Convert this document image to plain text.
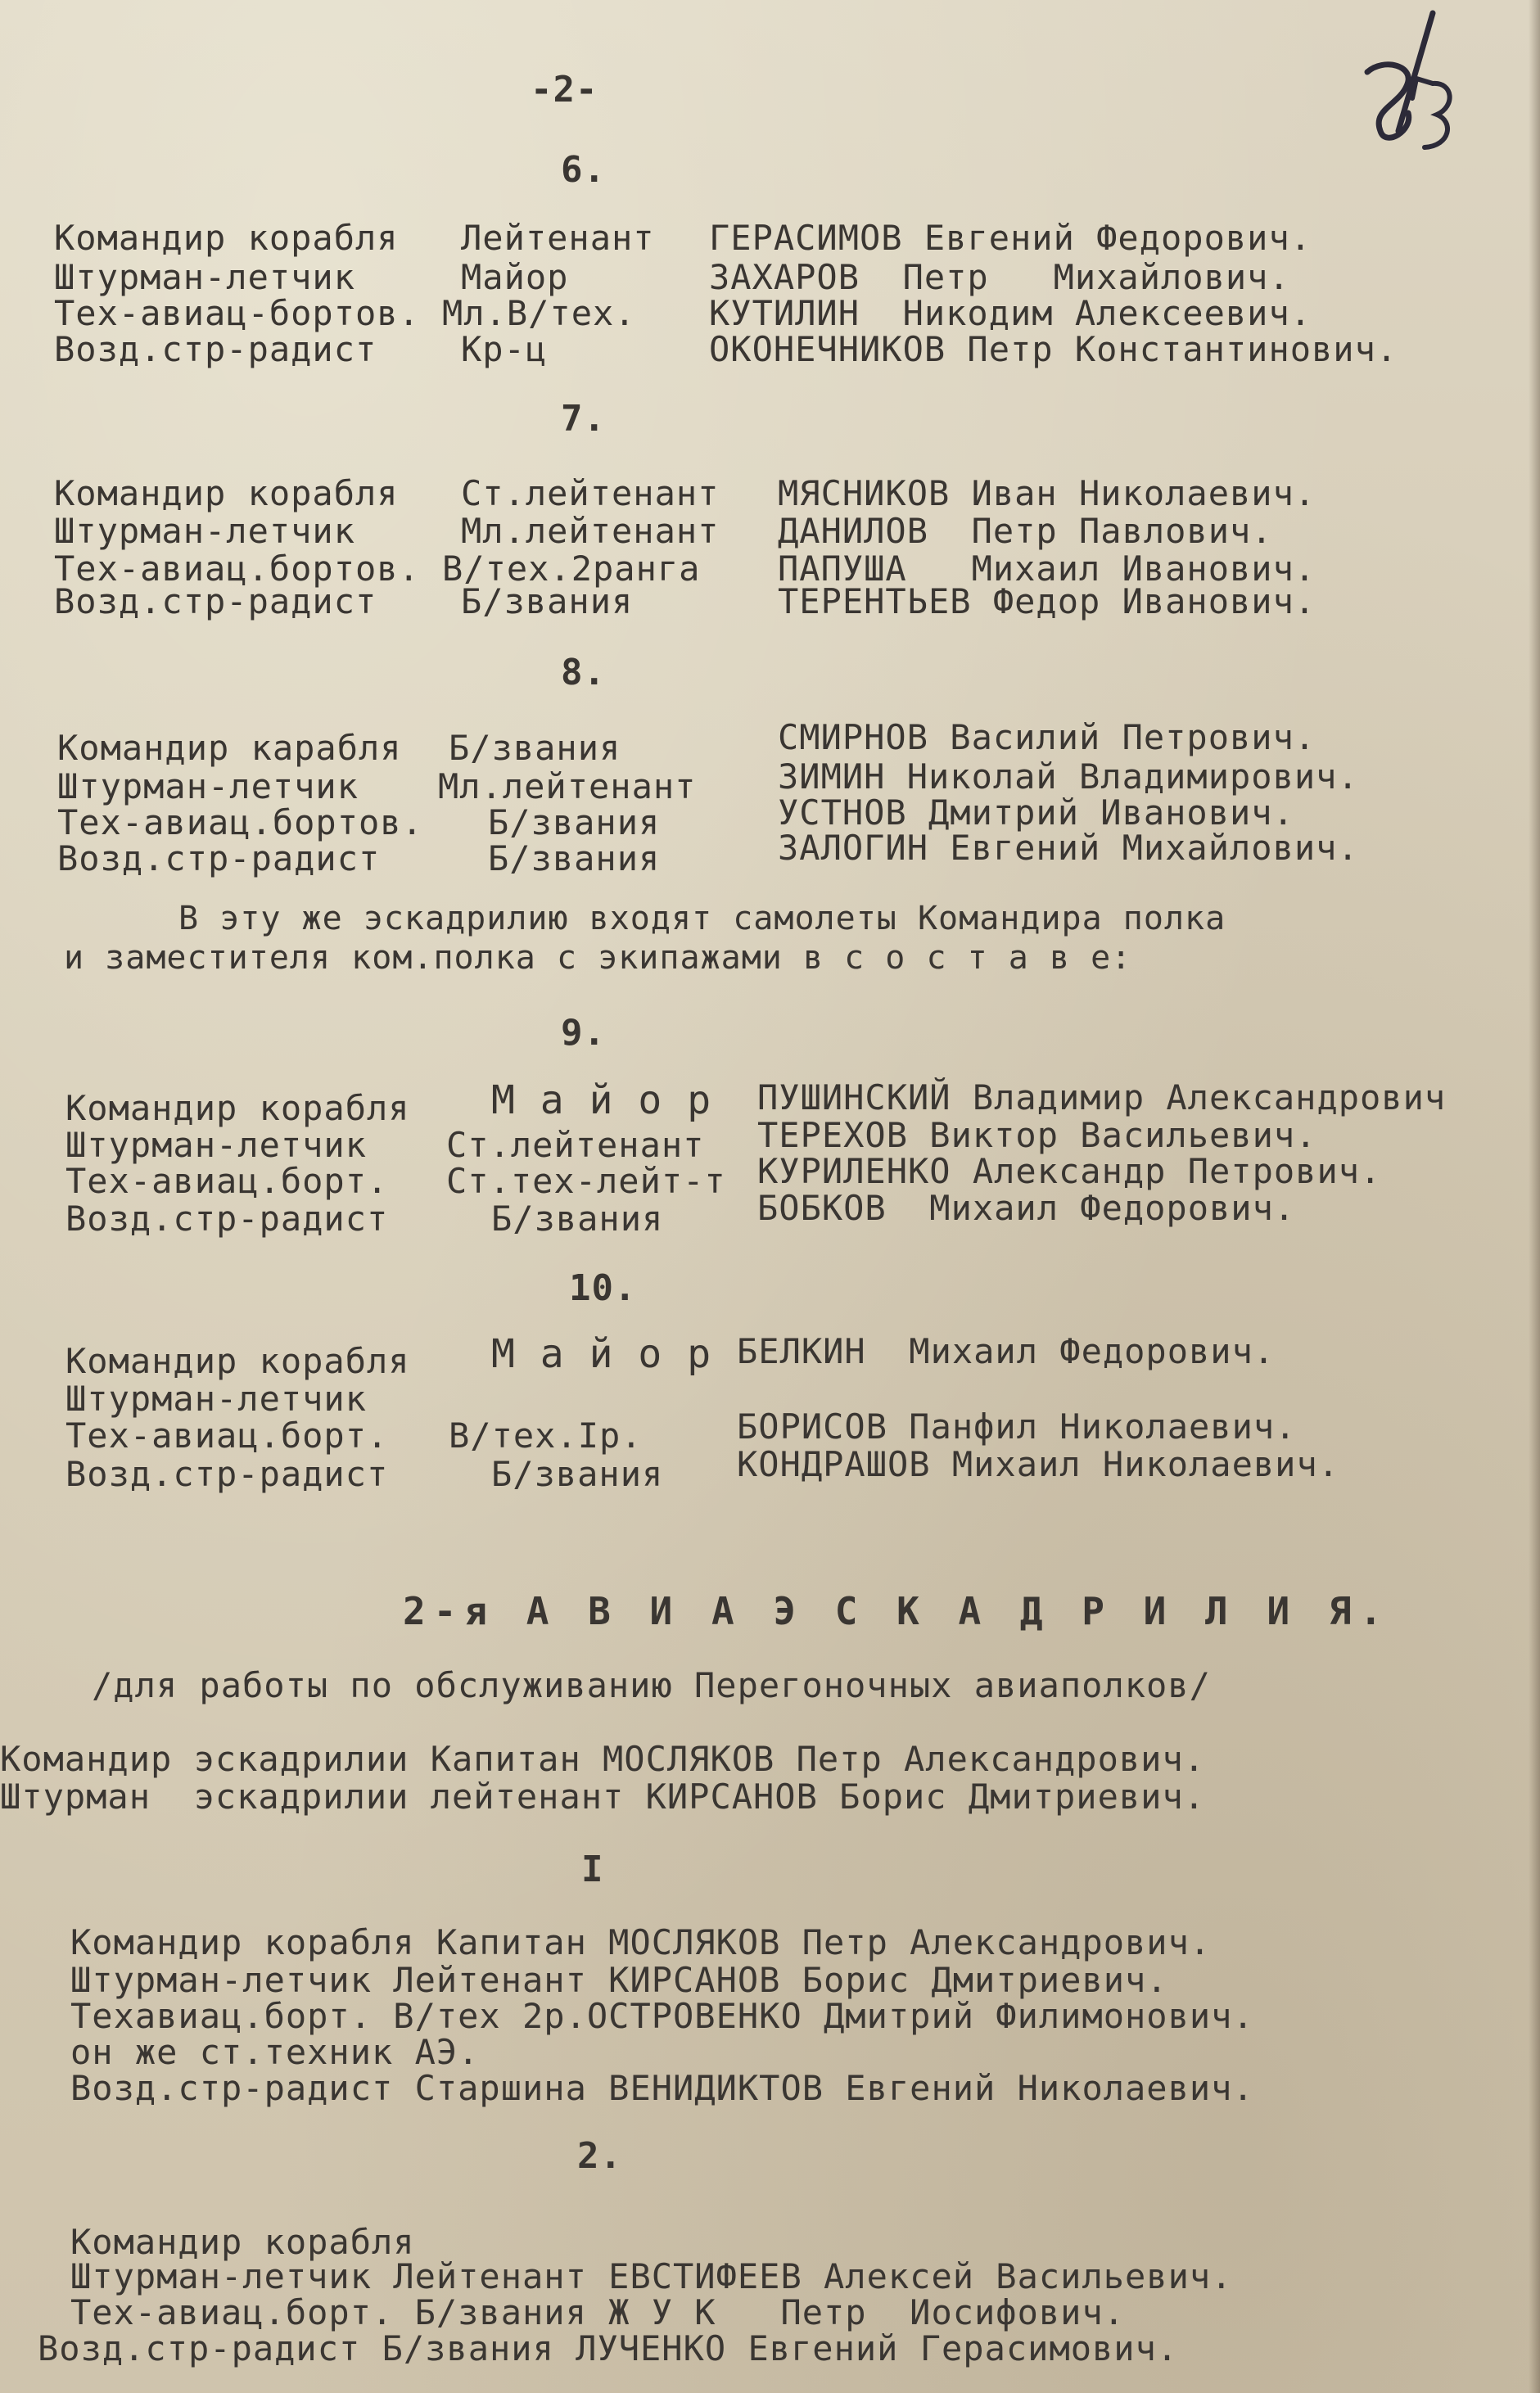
-2-
6.
Командир корабля Лейтенант ГЕРАСИМОВ Евгений Федорович.
Штурман-летчик	Майор	ЗАХАРОВ  Петр   Михайлович.
Тех-авиац-бортов. Мл.В/тех. КУТИЛИН  Никодим Алексеевич.
Возд.стр-радист Кр-ц	ОКОНЕЧНИКОВ Петр Константинович.
7.
Командир корабля Ст.лейтенант МЯСНИКОВ Иван Николаевич.
Штурман-летчик	Мл.лейтенант ДАНИЛОВ  Петр Павлович.
Тех-авиац.бортов. В/тех.2ранга ПАПУША   Михаил Иванович.
Возд.стр-радист Б/звания	ТЕРЕНТЬЕВ Федор Иванович.
8.
Командир карабля Б/звания	СМИРНОВ Василий Петрович.
Штурман-летчик Мл.лейтенант ЗИМИН Николай Владимирович.
Тех-авиац.бортов. Б/звания	УСТНОВ Дмитрий Иванович.
Возд.стр-радист	Б/звания	ЗАЛОГИН Евгений Михайлович.
В эту же эскадрилию входят самолеты Командира полка
и заместителя ком.полка с экипажами в с о с т а в е:
9.
Командир корабля М а й о р ПУШИНСКИЙ Владимир Александрович
Штурман-летчик Ст.лейтенант ТЕРЕХОВ Виктор Васильевич.
Тех-авиац.борт. Ст.тех-лейт-т КУРИЛЕНКО Александр Петрович.
Возд.стр-радист	Б/звания	БОБКОВ  Михаил Федорович.
10.
Командир корабля М а й о р БЕЛКИН  Михаил Федорович.
Штурман-летчик
Тех-авиац.борт. В/тех.Iр.	БОРИСОВ Панфил Николаевич.
Возд.стр-радист	Б/звания КОНДРАШОВ Михаил Николаевич.
2-я А В И А Э С К А Д Р И Л И Я.
/для работы по обслуживанию Перегоночных авиаполков/
Командир эскадрилии Капитан МОСЛЯКОВ Петр Александрович.
Штурман  эскадрилии лейтенант КИРСАНОВ Борис Дмитриевич.
I
Командир корабля Капитан МОСЛЯКОВ Петр Александрович.
Штурман-летчик Лейтенант КИРСАНОВ Борис Дмитриевич.
Техавиац.борт. В/тех 2р.ОСТРОВЕНКО Дмитрий Филимонович.
он же ст.техник АЭ.
Возд.стр-радист Старшина ВЕНИДИКТОВ Евгений Николаевич.
2.
Командир корабля
Штурман-летчик Лейтенант ЕВСТИФЕЕВ Алексей Васильевич.
Тех-авиац.борт. Б/звания Ж У К   Петр  Иосифович.
Возд.стр-радист Б/звания ЛУЧЕНКО Евгений Герасимович.
